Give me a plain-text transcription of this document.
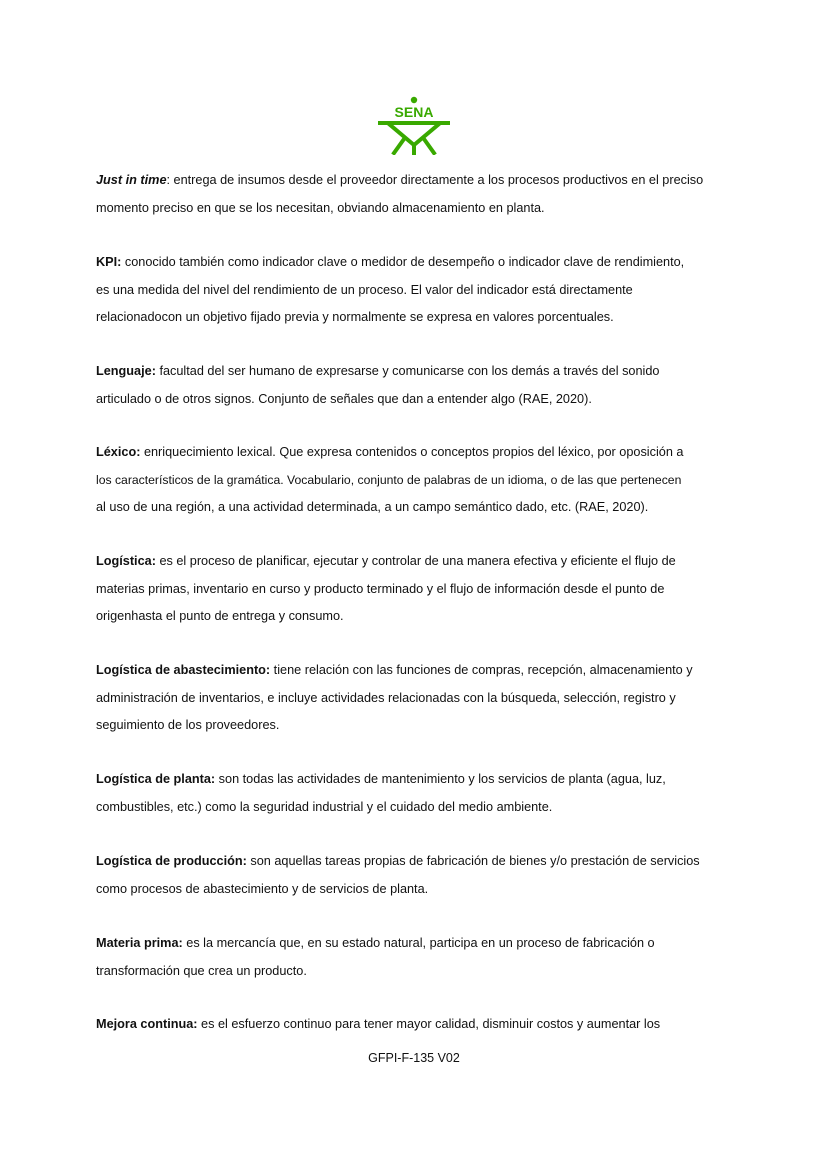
SENA

Just in time: entrega de insumos desde el proveedor directamente a los procesos productivos en el preciso
momento preciso en que se los necesitan, obviando almacenamiento en planta.

KPI: conocido también como indicador clave o medidor de desempeño o indicador clave de rendimiento,
es una medida del nivel del rendimiento de un proceso. El valor del indicador está directamente
relacionadocon un objetivo fijado previa y normalmente se expresa en valores porcentuales.

Lenguaje: facultad del ser humano de expresarse y comunicarse con los demás a través del sonido
articulado o de otros signos. Conjunto de señales que dan a entender algo (RAE, 2020).

Léxico: enriquecimiento lexical. Que expresa contenidos o conceptos propios del léxico, por oposición a
los característicos de la gramática. Vocabulario, conjunto de palabras de un idioma, o de las que pertenecen
al uso de una región, a una actividad determinada, a un campo semántico dado, etc. (RAE, 2020).

Logística: es el proceso de planificar, ejecutar y controlar de una manera efectiva y eficiente el flujo de
materias primas, inventario en curso y producto terminado y el flujo de información desde el punto de
origenhasta el punto de entrega y consumo.

Logística de abastecimiento: tiene relación con las funciones de compras, recepción, almacenamiento y
administración de inventarios, e incluye actividades relacionadas con la búsqueda, selección, registro y
seguimiento de los proveedores.

Logística de planta: son todas las actividades de mantenimiento y los servicios de planta (agua, luz,
combustibles, etc.) como la seguridad industrial y el cuidado del medio ambiente.

Logística de producción: son aquellas tareas propias de fabricación de bienes y/o prestación de servicios
como procesos de abastecimiento y de servicios de planta.

Materia prima: es la mercancía que, en su estado natural, participa en un proceso de fabricación o
transformación que crea un producto.

Mejora continua: es el esfuerzo continuo para tener mayor calidad, disminuir costos y aumentar los

GFPI-F-135 V02
